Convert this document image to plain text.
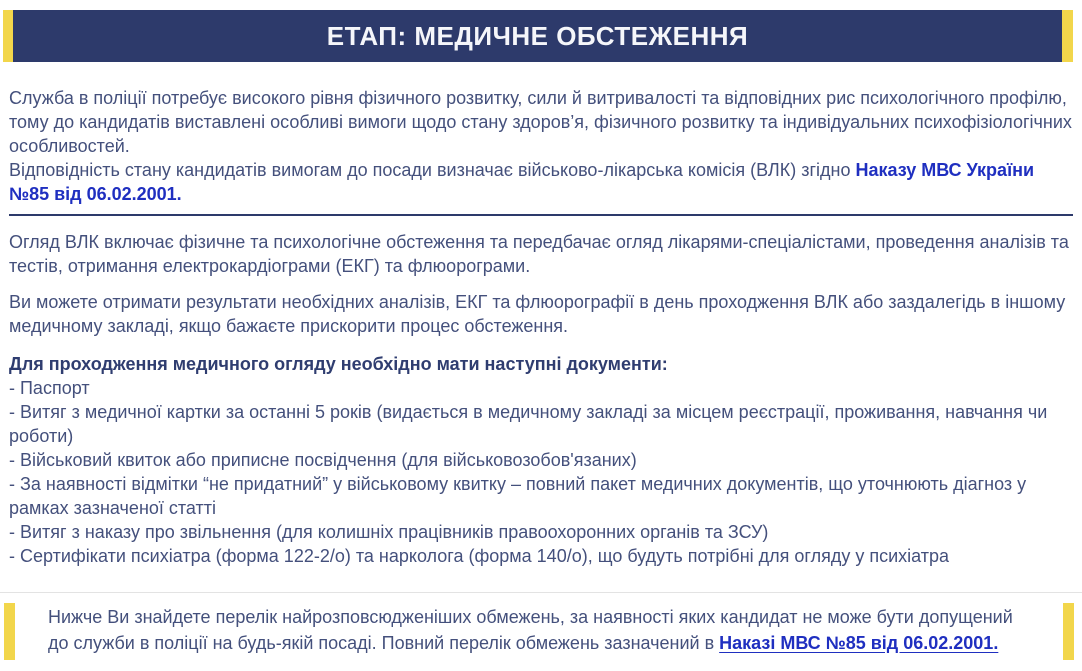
ЕТАП: МЕДИЧНЕ ОБСТЕЖЕННЯ

Служба в поліції потребує високого рівня фізичного розвитку, сили й витривалості та відповідних рис психологічного профілю, тому до кандидатів виставлені особливі вимоги щодо стану здоров’я, фізичного розвитку та індивідуальних психофізіологічних особливостей.

Відповідність стану кандидатів вимогам до посади визначає військово-лікарська комісія (ВЛК) згідно Наказу МВС України №85 від 06.02.2001.

Огляд ВЛК включає фізичне та психологічне обстеження та передбачає огляд лікарями-спеціалістами, проведення аналізів та тестів, отримання електрокардіограми (ЕКГ) та флюорограми.

Ви можете отримати результати необхідних аналізів, ЕКГ та флюорографії в день проходження ВЛК або заздалегідь в іншому медичному закладі, якщо бажаєте прискорити процес обстеження.

Для проходження медичного огляду необхідно мати наступні документи:

- Паспорт

- Витяг з медичної картки за останні 5 років (видається в медичному закладі за місцем реєстрації, проживання, навчання чи роботи)

- Військовий квиток або приписне посвідчення (для військовозобов'язаних)

- За наявності відмітки “не придатний” у військовому квитку – повний пакет медичних документів, що уточнюють діагноз у рамках зазначеної статті

- Витяг з наказу про звільнення (для колишніх працівників правоохоронних органів та ЗСУ)

- Сертифікати психіатра (форма 122-2/о) та нарколога (форма 140/о), що будуть потрібні для огляду у психіатра

Нижче Ви знайдете перелік найрозповсюдженіших обмежень, за наявності яких кандидат не може бути допущений до служби в поліції на будь-якій посаді. Повний перелік обмежень зазначений в Наказі МВС №85 від 06.02.2001.
